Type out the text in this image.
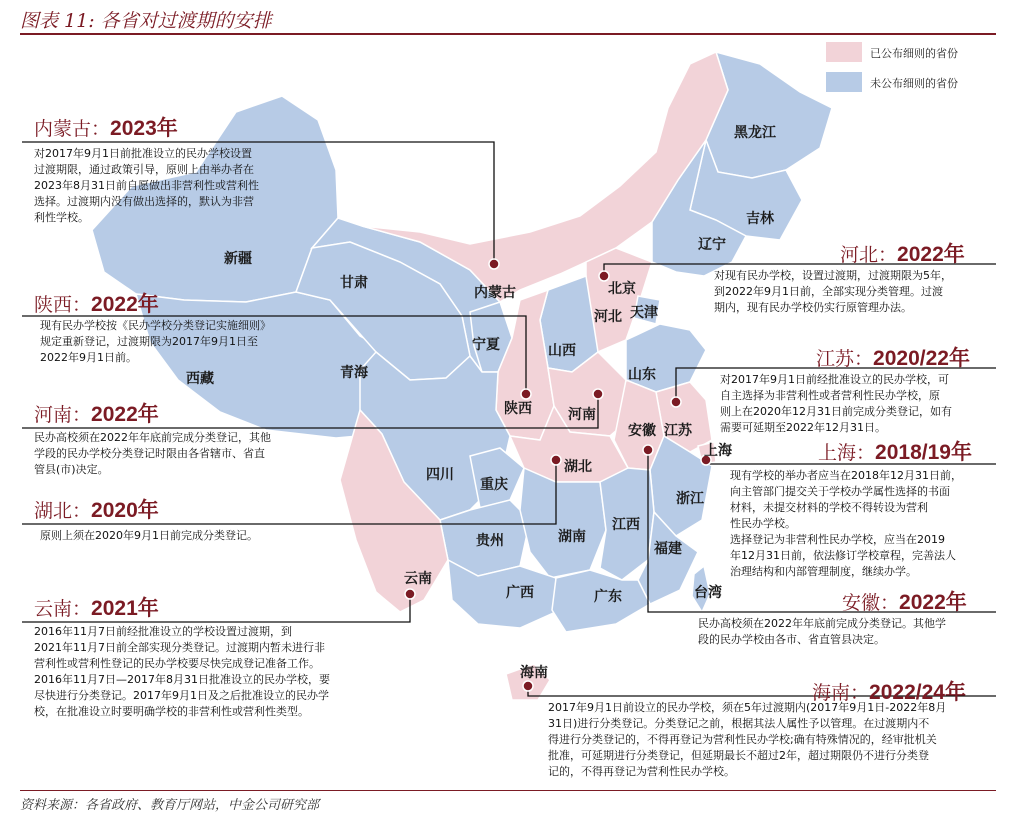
图表 11: 各省对过渡期的安排
黑龙江
吉林
辽宁
新疆
甘肃
内蒙古	北京
河北 天津
宁夏	山西
西藏	青海	山东
陕西	河南
江苏
安徽
上海
四川	湖北
重庆
浙江
贵州	湖南
江西
福建
云南
广西	广东	台湾
海南
已公布细则的省份
未公布细则的省份
内蒙古：2023年
对2017年9月1日前批准设立的民办学校设置
过渡期限，通过政策引导，原则上由举办者在
2023年8月31日前自愿做出非营利性或营利性
选择。过渡期内没有做出选择的，默认为非营
利性学校。
陕西：2022年
现有民办学校按《民办学校分类登记实施细则》
规定重新登记，过渡期限为2017年9月1日至
2022年9月1日前。
河南：2022年
民办高校须在2022年年底前完成分类登记，其他
学段的民办学校分类登记时限由各省辖市、省直
管县(市)决定。
湖北：2020年
原则上须在2020年9月1日前完成分类登记。
云南：2021年
2016年11月7日前经批准设立的学校设置过渡期，到
2021年11月7日前全部实现分类登记。过渡期内暂未进行非
营利性或营利性登记的民办学校要尽快完成登记准备工作。
2016年11月7日—2017年8月31日批准设立的民办学校，要
尽快进行分类登记。2017年9月1日及之后批准设立的民办学
校，在批准设立时要明确学校的非营利性或营利性类型。
河北：2022年
对现有民办学校，设置过渡期，过渡期限为5年，
到2022年9月1日前，全部实现分类管理。过渡
期内，现有民办学校仍实行原管理办法。
江苏：2020/22年
对2017年9月1日前经批准设立的民办学校，可
自主选择为非营利性或者营利性民办学校，原
则上在2020年12月31日前完成分类登记，如有
需要可延期至2022年12月31日。
上海：2018/19年
现有学校的举办者应当在2018年12月31日前，
向主管部门提交关于学校办学属性选择的书面
材料，未提交材料的学校不得转设为营利
性民办学校。
选择登记为非营利性民办学校，应当在2019
年12月31日前，依法修订学校章程，完善法人
治理结构和内部管理制度，继续办学。
安徽：2022年
民办高校须在2022年年底前完成分类登记。其他学
段的民办学校由各市、省直管县决定。
海南：2022/24年
2017年9月1日前设立的民办学校，须在5年过渡期内(2017年9月1日-2022年8月
31日)进行分类登记。分类登记之前，根据其法人属性予以管理。在过渡期内不
得进行分类登记的，不得再登记为营利性民办学校;确有特殊情况的，经审批机关
批准，可延期进行分类登记，但延期最长不超过2年，超过期限仍不进行分类登
记的，不得再登记为营利性民办学校。
资料来源：各省政府、教育厅网站，中金公司研究部
